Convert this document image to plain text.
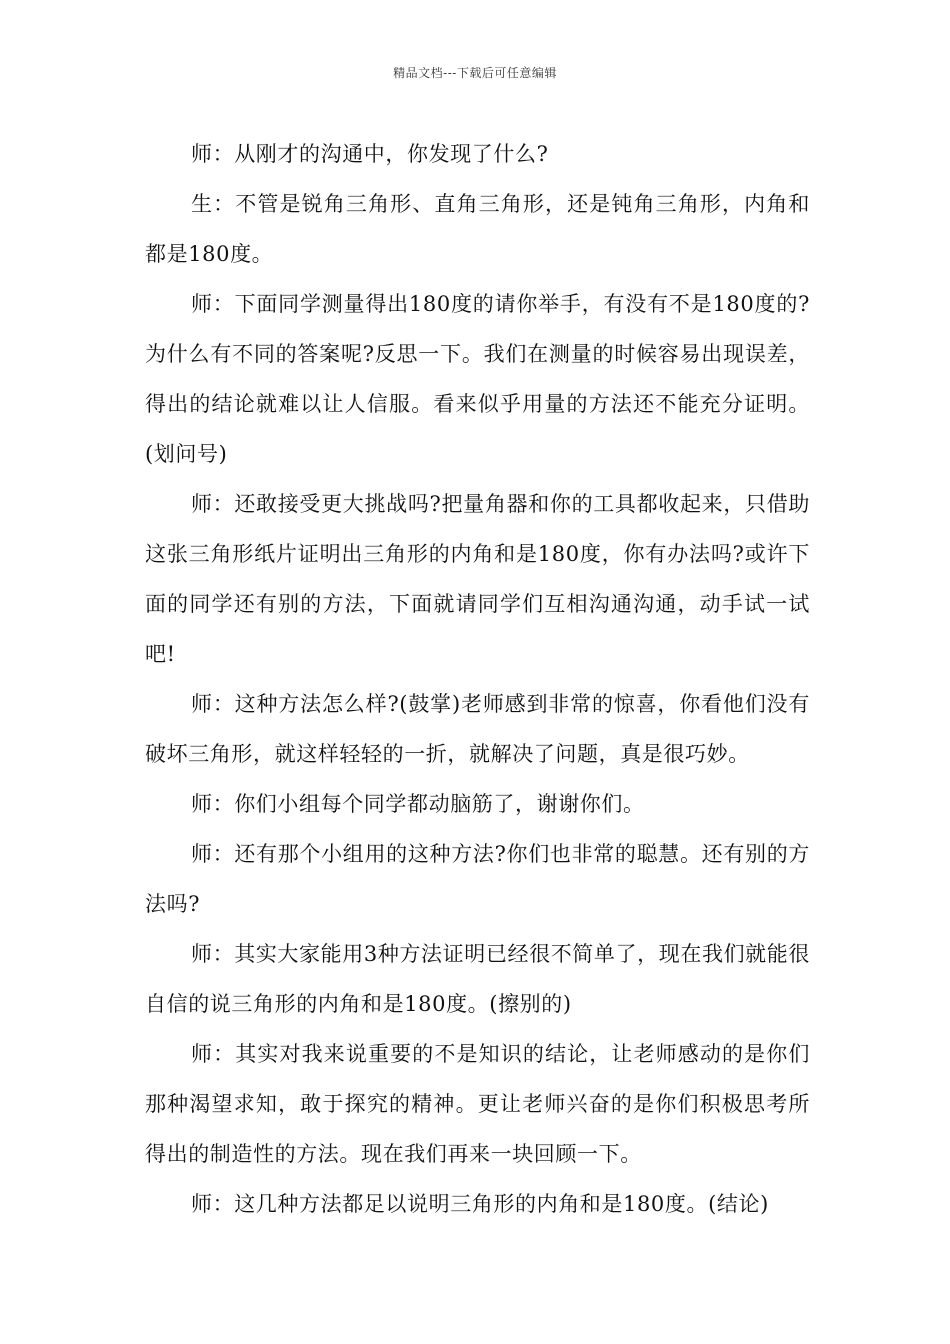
精品文档---下载后可任意编辑

师：从刚才的沟通中，你发现了什么?

生：不管是锐角三角形、直角三角形，还是钝角三角形，内角和都是180度。

师：下面同学测量得出180度的请你举手，有没有不是180度的?为什么有不同的答案呢?反思一下。我们在测量的时候容易出现误差，得出的结论就难以让人信服。看来似乎用量的方法还不能充分证明。(划问号)

师：还敢接受更大挑战吗?把量角器和你的工具都收起来，只借助这张三角形纸片证明出三角形的内角和是180度，你有办法吗?或许下面的同学还有别的方法，下面就请同学们互相沟通沟通，动手试一试吧!

师：这种方法怎么样?(鼓掌)老师感到非常的惊喜，你看他们没有破坏三角形，就这样轻轻的一折，就解决了问题，真是很巧妙。

师：你们小组每个同学都动脑筋了，谢谢你们。

师：还有那个小组用的这种方法?你们也非常的聪慧。还有别的方法吗?

师：其实大家能用3种方法证明已经很不简单了，现在我们就能很自信的说三角形的内角和是180度。(擦别的)

师：其实对我来说重要的不是知识的结论，让老师感动的是你们那种渴望求知，敢于探究的精神。更让老师兴奋的是你们积极思考所得出的制造性的方法。现在我们再来一块回顾一下。

师：这几种方法都足以说明三角形的内角和是180度。(结论)
